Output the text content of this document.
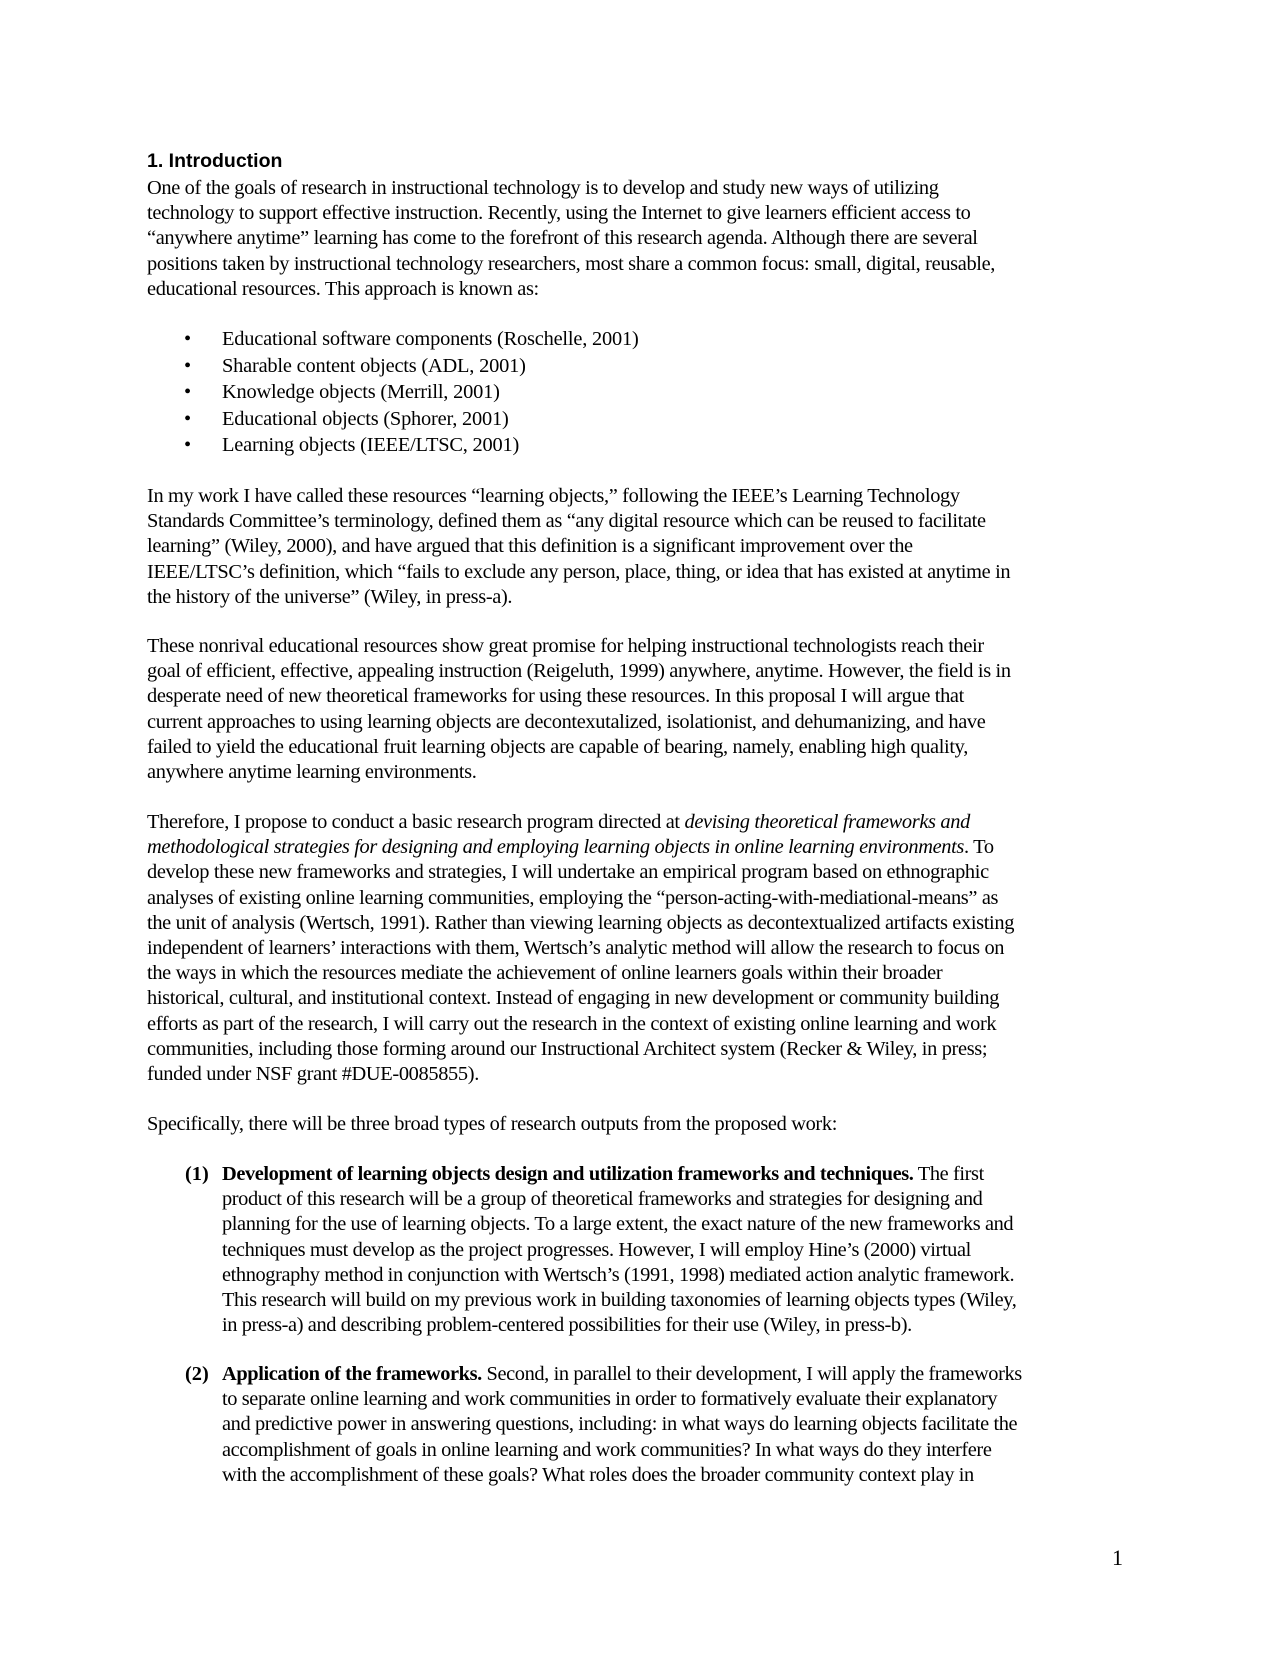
1. Introduction
One of the goals of research in instructional technology is to develop and study new ways of utilizing
technology to support effective instruction. Recently, using the Internet to give learners efficient access to
“anywhere anytime” learning has come to the forefront of this research agenda. Although there are several
positions taken by instructional technology researchers, most share a common focus: small, digital, reusable,
educational resources. This approach is known as:
• Educational software components (Roschelle, 2001)
• Sharable content objects (ADL, 2001)
• Knowledge objects (Merrill, 2001)
• Educational objects (Sphorer, 2001)
• Learning objects (IEEE/LTSC, 2001)
In my work I have called these resources “learning objects,” following the IEEE’s Learning Technology
Standards Committee’s terminology, defined them as “any digital resource which can be reused to facilitate
learning” (Wiley, 2000), and have argued that this definition is a significant improvement over the
IEEE/LTSC’s definition, which “fails to exclude any person, place, thing, or idea that has existed at anytime in
the history of the universe” (Wiley, in press-a).
These nonrival educational resources show great promise for helping instructional technologists reach their
goal of efficient, effective, appealing instruction (Reigeluth, 1999) anywhere, anytime. However, the field is in
desperate need of new theoretical frameworks for using these resources. In this proposal I will argue that
current approaches to using learning objects are decontexutalized, isolationist, and dehumanizing, and have
failed to yield the educational fruit learning objects are capable of bearing, namely, enabling high quality,
anywhere anytime learning environments.
Therefore, I propose to conduct a basic research program directed at devising theoretical frameworks and
methodological strategies for designing and employing learning objects in online learning environments. To
develop these new frameworks and strategies, I will undertake an empirical program based on ethnographic
analyses of existing online learning communities, employing the “person-acting-with-mediational-means” as
the unit of analysis (Wertsch, 1991). Rather than viewing learning objects as decontextualized artifacts existing
independent of learners’ interactions with them, Wertsch’s analytic method will allow the research to focus on
the ways in which the resources mediate the achievement of online learners goals within their broader
historical, cultural, and institutional context. Instead of engaging in new development or community building
efforts as part of the research, I will carry out the research in the context of existing online learning and work
communities, including those forming around our Instructional Architect system (Recker & Wiley, in press;
funded under NSF grant #DUE-0085855).
Specifically, there will be three broad types of research outputs from the proposed work:
(1) Development of learning objects design and utilization frameworks and techniques. The first
product of this research will be a group of theoretical frameworks and strategies for designing and
planning for the use of learning objects. To a large extent, the exact nature of the new frameworks and
techniques must develop as the project progresses. However, I will employ Hine’s (2000) virtual
ethnography method in conjunction with Wertsch’s (1991, 1998) mediated action analytic framework.
This research will build on my previous work in building taxonomies of learning objects types (Wiley,
in press-a) and describing problem-centered possibilities for their use (Wiley, in press-b).
(2) Application of the frameworks. Second, in parallel to their development, I will apply the frameworks
to separate online learning and work communities in order to formatively evaluate their explanatory
and predictive power in answering questions, including: in what ways do learning objects facilitate the
accomplishment of goals in online learning and work communities? In what ways do they interfere
with the accomplishment of these goals? What roles does the broader community context play in
1
